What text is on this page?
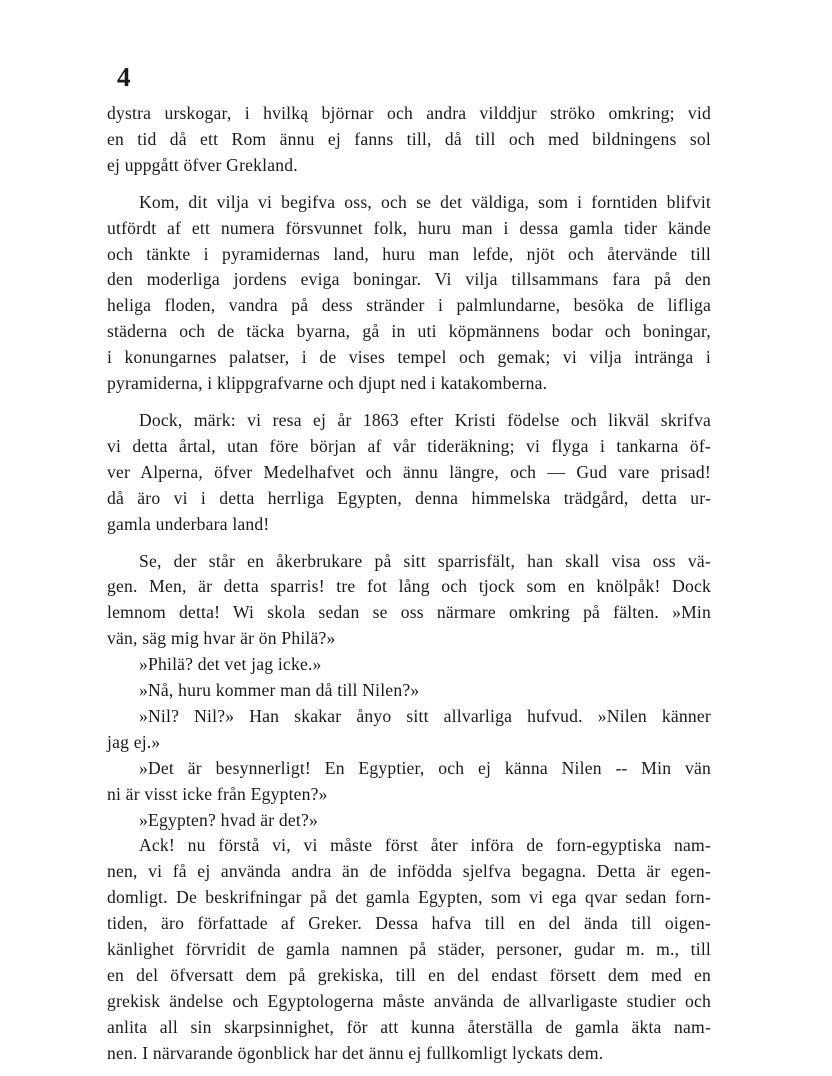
4

dystra urskogar, i hvilką björnar och andra vilddjur ströko omkring; vid
en tid då ett Rom ännu ej fanns till, då till och med bildningens sol
ej uppgått öfver Grekland.

Kom, dit vilja vi begifva oss, och se det väldiga, som i forntiden blifvit
utfördt af ett numera försvunnet folk, huru man i dessa gamla tider kände
och tänkte i pyramidernas land, huru man lefde, njöt och återvände till
den moderliga jordens eviga boningar. Vi vilja tillsammans fara på den
heliga floden, vandra på dess stränder i palmlundarne, besöka de lifliga
städerna och de täcka byarna, gå in uti köpmännens bodar och boningar,
i konungarnes palatser, i de vises tempel och gemak; vi vilja intränga i
pyramiderna, i klippgrafvarne och djupt ned i katakomberna.

Dock, märk: vi resa ej år 1863 efter Kristi födelse och likväl skrifva
vi detta årtal, utan före början af vår tideräkning; vi flyga i tankarna öf-
ver Alperna, öfver Medelhafvet och ännu längre, och — Gud vare prisad!
då äro vi i detta herrliga Egypten, denna himmelska trädgård, detta ur-
gamla underbara land!

Se, der står en åkerbrukare på sitt sparrisfält, han skall visa oss vä-
gen. Men, är detta sparris! tre fot lång och tjock som en knölpåk! Dock
lemnom detta! Wi skola sedan se oss närmare omkring på fälten. »Min
vän, säg mig hvar är ön Philä?»

»Philä? det vet jag icke.»

»Nå, huru kommer man då till Nilen?»

»Nil? Nil?» Han skakar ånyo sitt allvarliga hufvud. »Nilen känner
jag ej.»

»Det är besynnerligt! En Egyptier, och ej känna Nilen -- Min vän
ni är visst icke från Egypten?»

»Egypten? hvad är det?»

Ack! nu förstå vi, vi måste först åter införa de forn-egyptiska nam-
nen, vi få ej använda andra än de infödda sjelfva begagna. Detta är egen-
domligt. De beskrifningar på det gamla Egypten, som vi ega qvar sedan forn-
tiden, äro författade af Greker. Dessa hafva till en del ända till oigen-
känlighet förvridit de gamla namnen på städer, personer, gudar m. m., till
en del öfversatt dem på grekiska, till en del endast försett dem med en
grekisk ändelse och Egyptologerna måste använda de allvarligaste studier och
anlita all sin skarpsinnighet, för att kunna återställa de gamla äkta nam-
nen. I närvarande ögonblick har det ännu ej fullkomligt lyckats dem.
